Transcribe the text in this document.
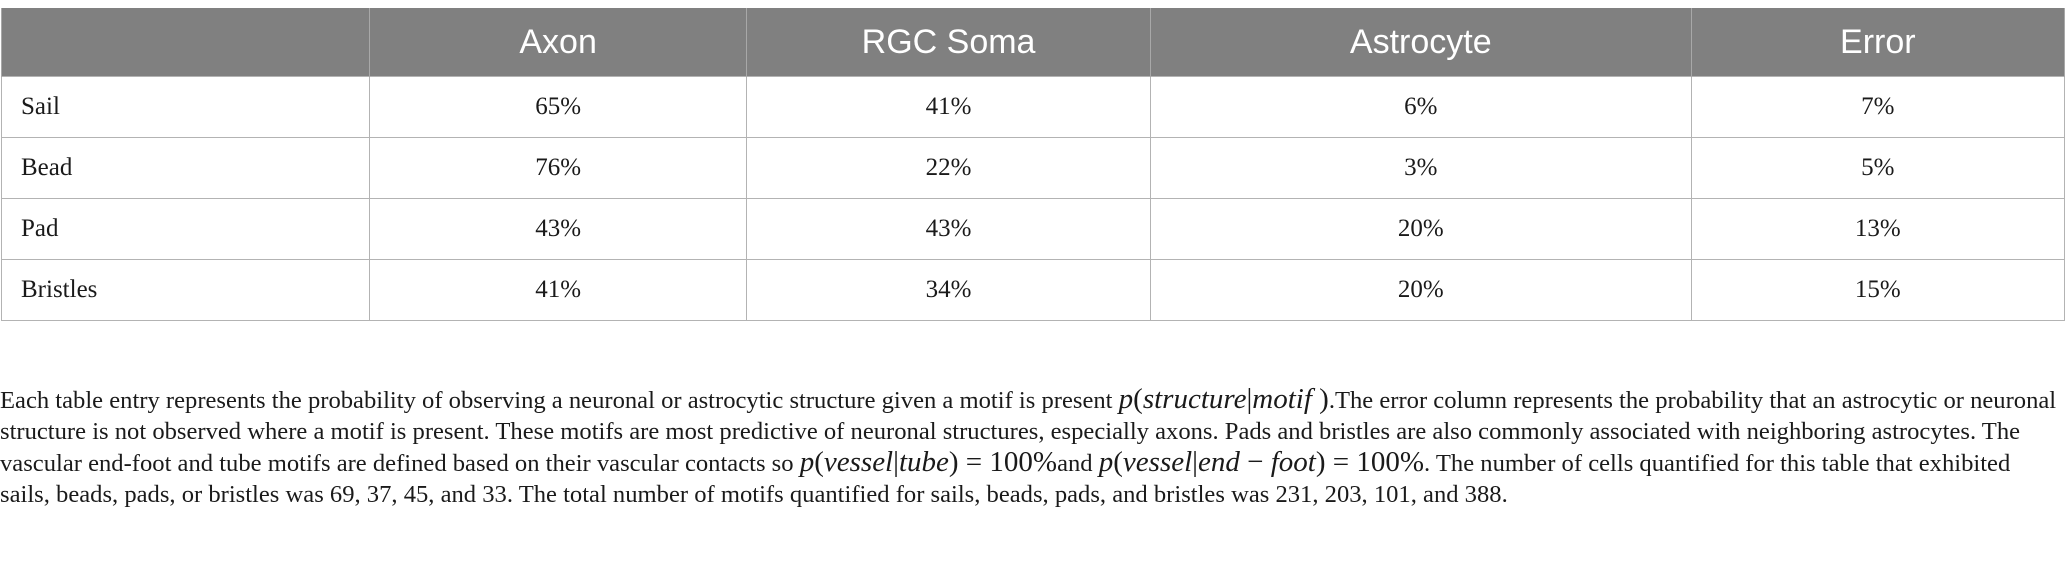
	Axon	RGC Soma	Astrocyte	Error
Sail	65%	41%	6%	7%
Bead	76%	22%	3%	5%
Pad	43%	43%	20%	13%
Bristles	41%	34%	20%	15%

Each table entry represents the probability of observing a neuronal or astrocytic structure given a motif is present p(structure|motif ).The error column represents the probability that an astrocytic or neuronal structure is not observed where a motif is present. These motifs are most predictive of neuronal structures, especially axons. Pads and bristles are also commonly associated with neighboring astrocytes. The vascular end-foot and tube motifs are defined based on their vascular contacts so p(vessel|tube) = 100%and p(vessel|end − foot) = 100%. The number of cells quantified for this table that exhibited sails, beads, pads, or bristles was 69, 37, 45, and 33. The total number of motifs quantified for sails, beads, pads, and bristles was 231, 203, 101, and 388.
